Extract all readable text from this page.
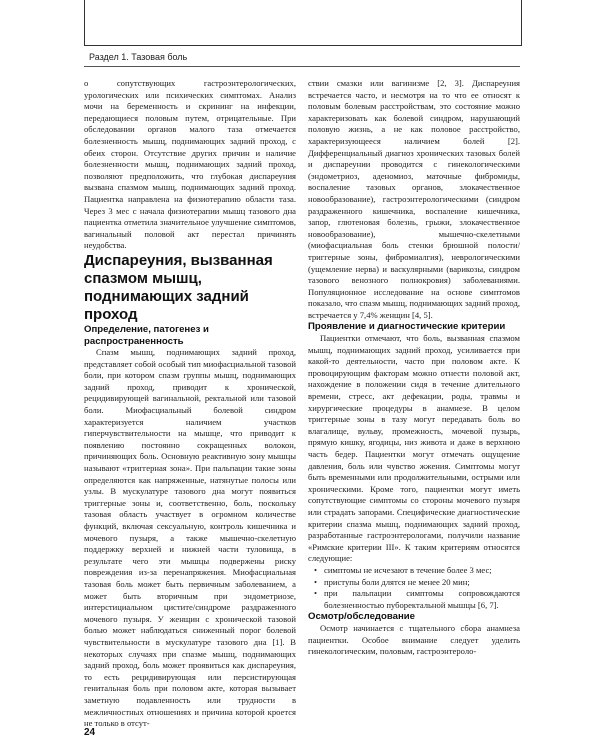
Раздел 1. Тазовая боль

о сопутствующих гастроэнтерологических, урологических или психических симптомах. Анализ мочи на беременность и скрининг на инфекции, передающиеся половым путем, отрицательные. При обследовании органов малого таза отмечается болезненность мышц, поднимающих задний проход, с обеих сторон. Отсутствие других причин и наличие болезненности мышц, поднимающих задний проход, позволяют предположить, что глубокая диспареуния вызвана спазмом мышц, поднимающих задний проход. Пациентка направлена на физиотерапию области таза. Через 3 мес с начала физиотерапии мышц тазового дна пациентка отметила значительное улучшение симптомов, вагинальный половой акт перестал причинять неудобства.

Диспареуния, вызванная спазмом мышц, поднимающих задний проход

Определение, патогенез и распространенность

Спазм мышц, поднимающих задний проход, представляет собой особый тип миофасциальной тазовой боли, при котором спазм группы мышц, поднимающих задний проход, приводит к хронической, рецидивирующей вагинальной, ректальной или тазовой боли. Миофасциальный болевой синдром характеризуется наличием участков гиперчувствительности на мышце, что приводит к появлению постоянно сокращенных волокон, причиняющих боль. Основную реактивную зону мышцы называют «триггерная зона». При пальпации такие зоны определяются как напряженные, натянутые полосы или узлы. В мускулатуре тазового дна могут появиться триггерные зоны и, соответственно, боль, поскольку тазовая область участвует в огромном количестве функций, включая сексуальную, контроль кишечника и мочевого пузыря, а также мышечно-скелетную поддержку верхней и нижней части туловища, в результате чего эти мышцы подвержены риску повреждения из-за перенапряжения. Миофасциальная тазовая боль может быть первичным заболеванием, а может быть вторичным при эндометриозе, интерстициальном цистите/синдроме раздраженного мочевого пузыря. У женщин с хронической тазовой болью может наблюдаться сниженный порог болевой чувствительности в мускулатуре тазового дна [1]. В некоторых случаях при спазме мышц, поднимающих задний проход, боль может проявиться как диспареуния, то есть рецидивирующая или персистирующая генитальная боль при половом акте, которая вызывает заметную подавленность или трудности в межличностных отношениях и причина которой кроется не только в отсут-

ствии смазки или вагинизме [2, 3]. Диспареуния встречается часто, и несмотря на то что ее относят к половым болевым расстройствам, это состояние можно характеризовать как болевой синдром, нарушающий половую жизнь, а не как половое расстройство, характеризующееся наличием болей [2]. Дифференциальный диагноз хронических тазовых болей и диспареунии проводится с гинекологическими (эндометриоз, аденомиоз, маточные фибромиды, воспаление тазовых органов, злокачественное новообразование), гастроэнтерологическими (синдром раздраженного кишечника, воспаление кишечника, запор, глютеновая болезнь, грыжи, злокачественное новообразование), мышечно-скелетными (миофасциальная боль стенки брюшной полости/триггерные зоны, фибромиалгия), неврологическими (ущемление нерва) и васкулярными (варикозы, синдром тазового венозного полнокровия) заболеваниями. Популяционное исследование на основе симптомов показало, что спазм мышц, поднимающих задний проход, встречается у 7,4% женщин [4, 5].

Проявление и диагностические критерии

Пациентки отмечают, что боль, вызванная спазмом мышц, поднимающих задний проход, усиливается при какой-то деятельности, часто при половом акте. К провоцирующим факторам можно отнести половой акт, нахождение в положении сидя в течение длительного времени, стресс, акт дефекации, роды, травмы и хирургические процедуры в анамнезе. В целом триггерные зоны в тазу могут передавать боль во влагалище, вульву, промежность, мочевой пузырь, прямую кишку, ягодицы, низ живота и даже в верхнюю часть бедер. Пациентки могут отмечать ощущение давления, боль или чувство жжения. Симптомы могут быть временными или продолжительными, острыми или хроническими. Кроме того, пациентки могут иметь сопутствующие симптомы со стороны мочевого пузыря или страдать запорами. Специфические диагностические критерии спазма мышц, поднимающих задний проход, разработанные гастроэнтерологами, получили название «Римские критерии III». К таким критериям относятся следующие:

• симптомы не исчезают в течение более 3 мес;
• приступы боли длятся не менее 20 мин;
• при пальпации симптомы сопровождаются болезненностью пуборектальной мышцы [6, 7].

Осмотр/обследование

Осмотр начинается с тщательного сбора анамнеза пациентки. Особое внимание следует уделить гинекологическим, половым, гастроэнтероло-

24
